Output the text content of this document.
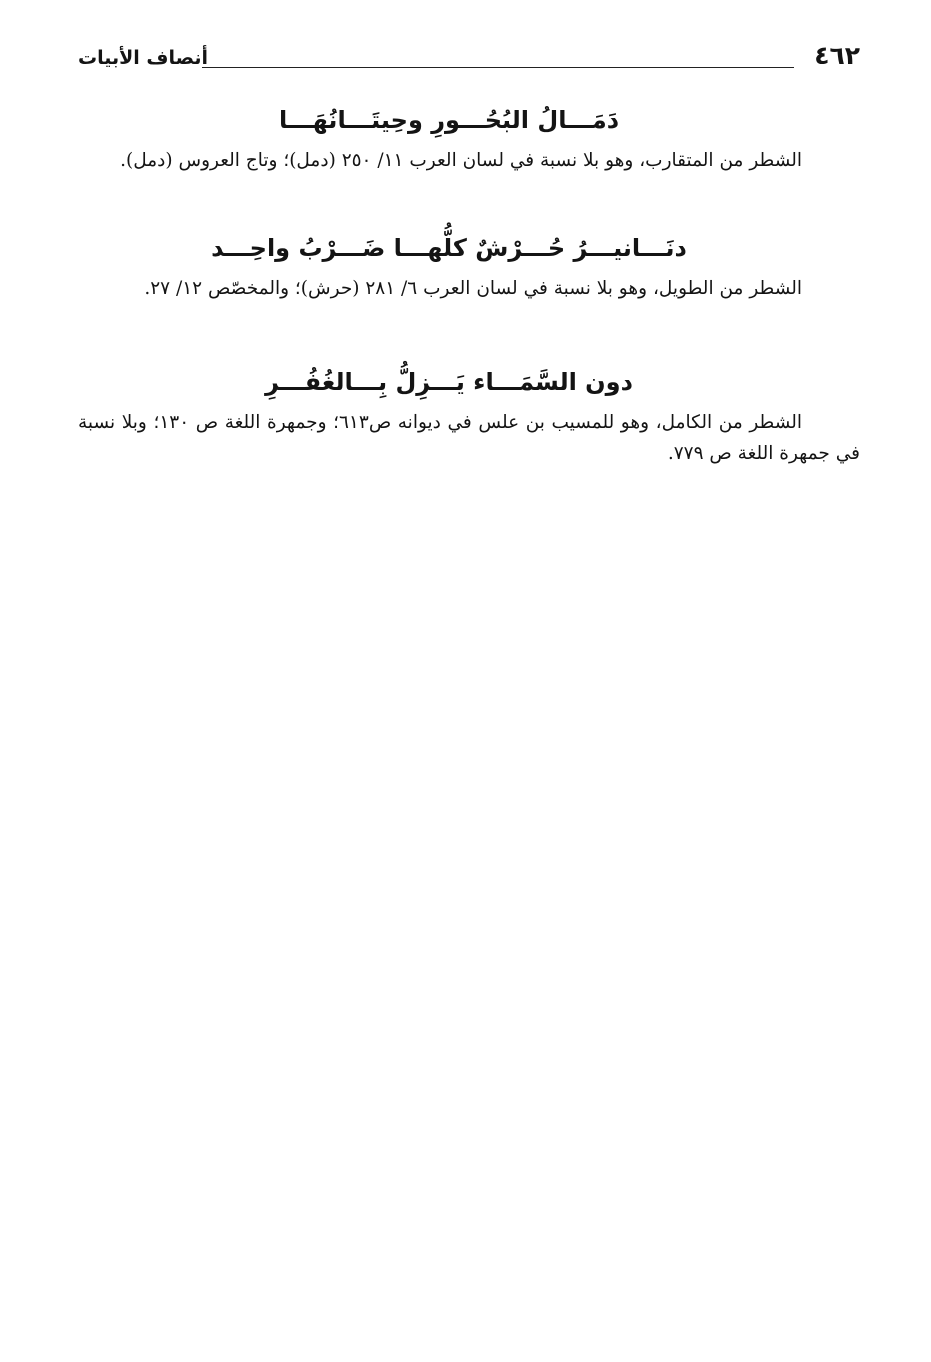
٤٦٢
أنصاف الأبيات

دَمَـــالُ البُحُـــورِ وحِيتَـــانُهَـــا

الشطر من المتقارب، وهو بلا نسبة في لسان العرب ١١/ ٢٥٠ (دمل)؛ وتاج العروس (دمل).

دنَـــانيـــرُ حُـــرْشٌ كلُّهـــا ضَـــرْبُ واحِـــد

الشطر من الطويل، وهو بلا نسبة في لسان العرب ٦/ ٢٨١ (حرش)؛ والمخصّص ١٢/ ٢٧.

دون السَّمَـــاء يَـــزِلُّ بِـــالغُفُـــرِ

الشطر من الكامل، وهو للمسيب بن علس في ديوانه ص٦١٣؛ وجمهرة اللغة ص ١٣٠؛ وبلا نسبة في جمهرة اللغة ص ٧٧٩.
